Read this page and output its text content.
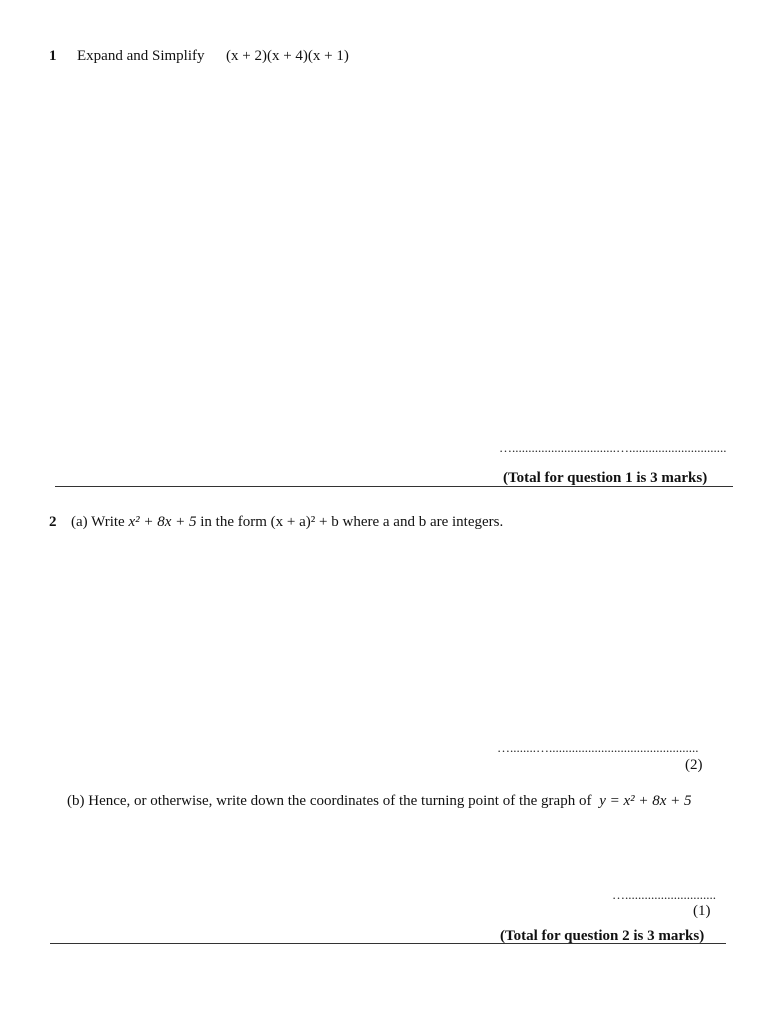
1 Expand and Simplify (x + 2)(x + 4)(x + 1)
…................................…..............................
(Total for question 1 is 3 marks)
2 (a) Write x² + 8x + 5 in the form (x + a)² + b where a and b are integers.
…........…..............................................
(2)
(b) Hence, or otherwise, write down the coordinates of the turning point of the graph of y = x² + 8x + 5
…............................
(1)
(Total for question 2 is 3 marks)
